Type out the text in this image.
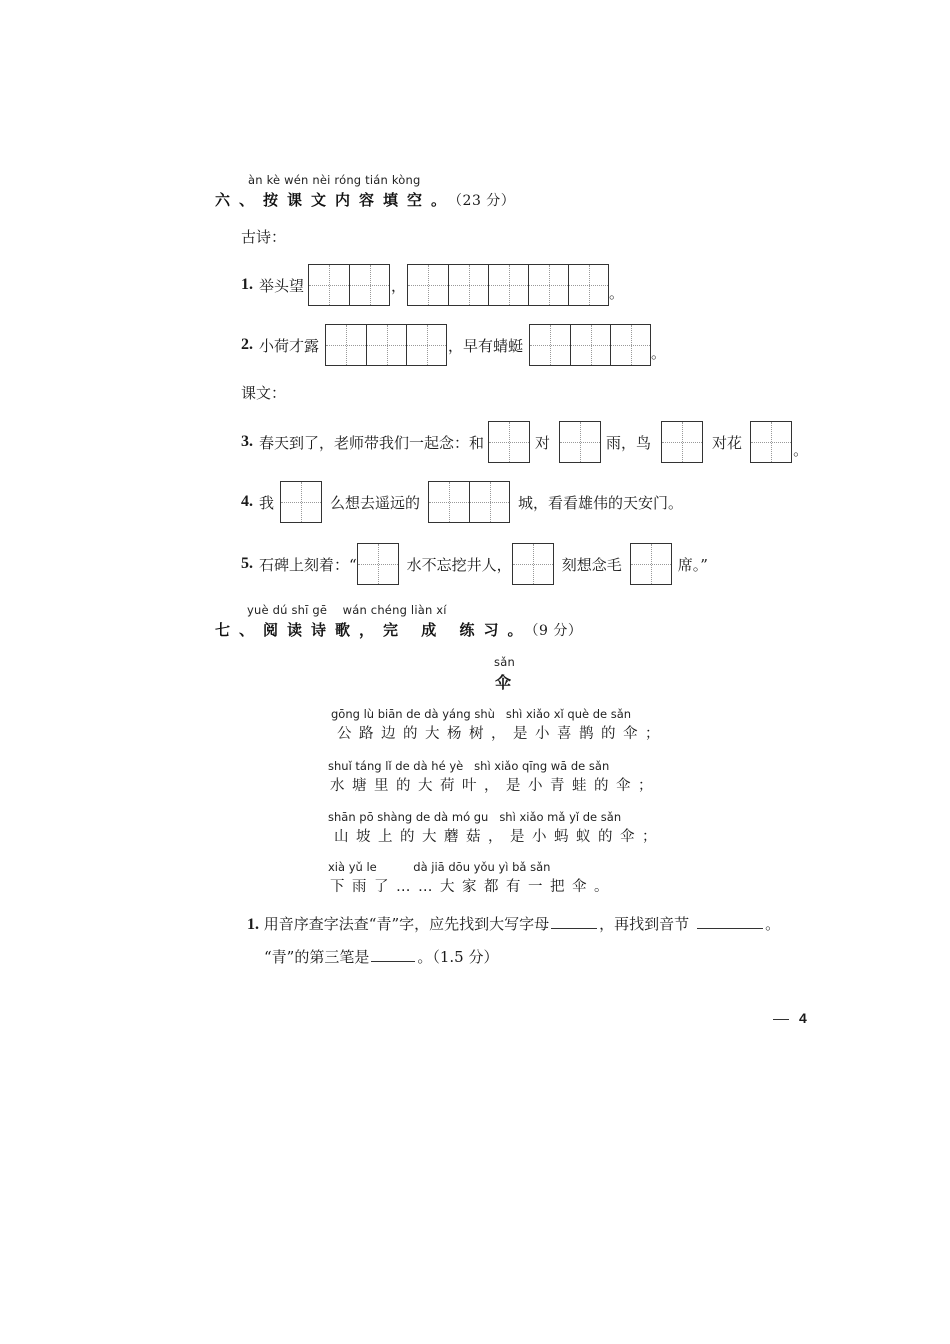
àn kè wén nèi róng tián kòng
六、按课文内容填空。（23 分）
古诗：
1. 举头望	，	。
2. 小荷才露	，早有蜻蜓	。
课文：
3. 春天到了，老师带我们一起念：和	对	雨，鸟	对花	。
4. 我	么想去遥远的	城，看看雄伟的天安门。
5. 石碑上刻着：“	水不忘挖井人，	刻想念毛	席。”
yuè dú shī gē    wán chéng liàn xí
七、阅读诗歌，完 成 练习。（9 分）
sǎn
伞
gōng lù biān de dà yáng shù   shì xiǎo xǐ què de sǎn
公路边的大杨树，是小喜鹊的伞；
shuǐ táng lǐ de dà hé yè   shì xiǎo qīng wā de sǎn
水塘里的大荷叶，是小青蛙的伞；
shān pō shàng de dà mó gu   shì xiǎo mǎ yǐ de sǎn
山坡上的大蘑菇，是小蚂蚁的伞；
xià yǔ le          dà jiā dōu yǒu yì bǎ sǎn
下雨了……大家都有一把伞。
1. 用音序查字法查“青”字，应先找到大写字母	，再找到音节	。
“青”的第三笔是	。（1.5 分）
4
